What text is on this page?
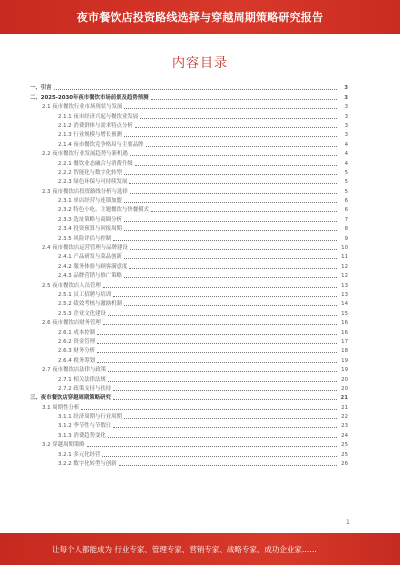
夜市餐饮店投资路线选择与穿越周期策略研究报告
内容目录
一、引言	3
二、2025-2030年夜市餐饮市场前景及趋势预测	3
2.1 夜市餐饮行业市场现状与发展	3
2.1.1 夜市经济兴起与餐饮业发展	3
2.1.2 消费群体与需求特点分析	3
2.1.3 行业规模与增长预测	3
2.1.4 夜市餐饮竞争格局与主要品牌	4
2.2 夜市餐饮行业发展趋势与新机遇	4
2.2.1 餐饮业态融合与消费升级	4
2.2.2 智能化与数字化转型	5
2.2.3 绿色环保与可持续发展	5
2.3 夜市餐饮店投资路线分析与选择	5
2.3.1 单店经营与连锁加盟	6
2.3.2 特色小吃、主题餐饮与快餐模式	6
2.3.3 选址策略与商圈分析	7
2.3.4 投资预算与回报周期	8
2.3.5 风险评估与控制	9
2.4 夜市餐饮店运营管理与品牌建设	10
2.4.1 产品研发与菜品创新	11
2.4.2 服务体验与顾客满意度	12
2.4.3 品牌营销与推广策略	12
2.5 夜市餐饮店人员管理	13
2.5.1 员工招聘与培训	13
2.5.2 绩效考核与激励机制	14
2.5.3 企业文化建设	15
2.6 夜市餐饮店财务管理	16
2.6.1 成本控制	16
2.6.2 资金管理	17
2.6.3 财务分析	18
2.6.4 税务筹划	19
2.7 夜市餐饮店法律与政策	19
2.7.1 相关法律法规	20
2.7.2 政策支持与扶持	20
三、夜市餐饮店穿越周期策略研究	21
3.1 周期性分析	21
3.1.1 经济周期与行业周期	22
3.1.2 季节性与节假日	23
3.1.3 消费趋势变化	24
3.2 穿越周期策略	25
3.2.1 多元化经营	25
3.2.2 数字化转型与创新	26
1
让每个人都能成为 行业专家、管理专家、营销专家、战略专家、成功企业家……
